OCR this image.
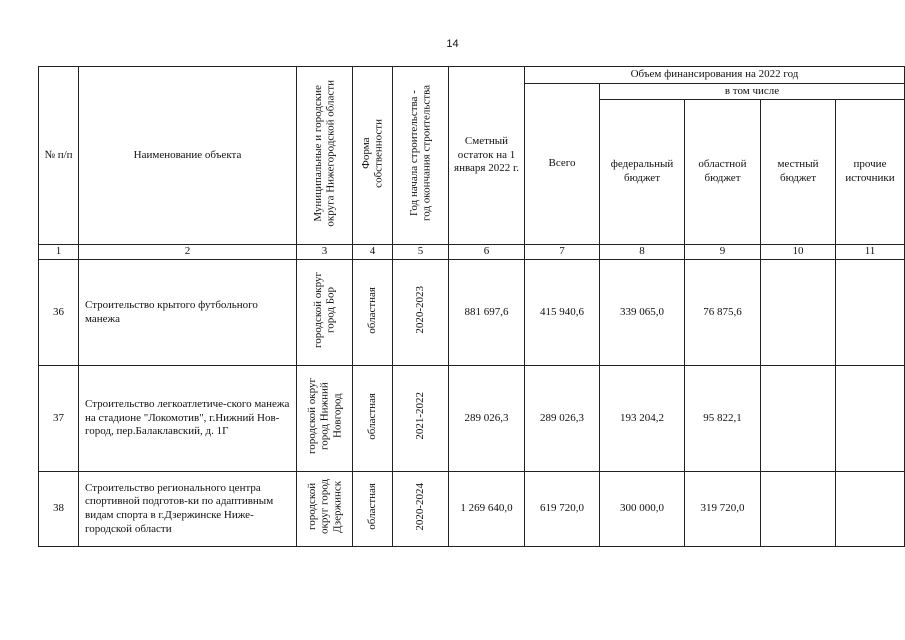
14
№ п/п	Наименование объекта	Муниципальные и городские
округа Нижегородской области	Форма
собственности	Год начала строительства -
год окончания строительства	Сметный остаток на 1 января 2022 г.	Объем финансирования на 2022 год				
						Всего	в том числе			
							федеральный бюджет	областной бюджет	местный бюджет	прочие источники
1	2	3	4	5	6	7	8	9	10	11
36	Строительство крытого футбольного манежа	городской округ
город Бор	областная	2020-2023	881 697,6	415 940,6	339 065,0	76 875,6		
37	Строительство легкоатлетиче-ского манежа на стадионе "Локомотив", г.Нижний Нов-город, пер.Балаклавский, д. 1Г	городской округ
город Нижний
Новгород	областная	2021-2022	289 026,3	289 026,3	193 204,2	95 822,1		
38	Строительство регионального центра спортивной подготов-ки по адаптивным видам спорта в г.Дзержинске Ниже-городской области	городской
округ город
Дзержинск	областная	2020-2024	1 269 640,0	619 720,0	300 000,0	319 720,0		
